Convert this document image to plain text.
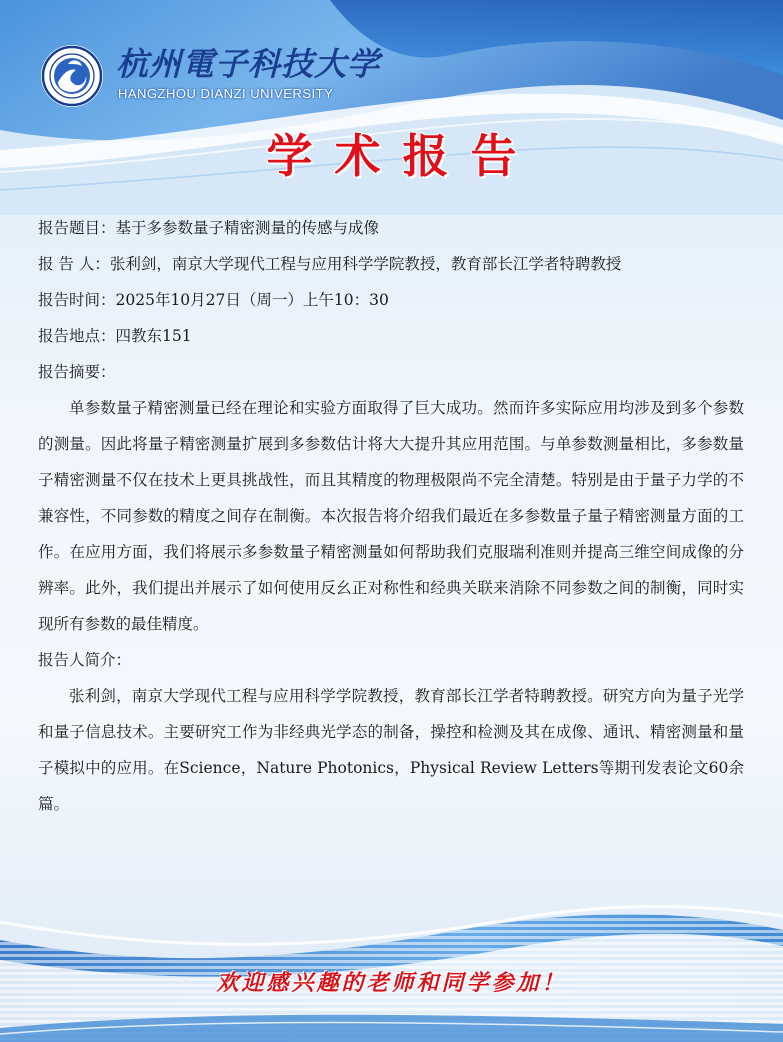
杭州電子科技大学
HANGZHOU DIANZI UNIVERSITY
学术报告
报告题目：基于多参数量子精密测量的传感与成像
报 告 人：张利剑，南京大学现代工程与应用科学学院教授，教育部长江学者特聘教授
报告时间：2025年10月27日（周一）上午10：30
报告地点：四教东151
报告摘要：

单参数量子精密测量已经在理论和实验方面取得了巨大成功。然而许多实际应用均涉及到多个参数的测量。因此将量子精密测量扩展到多参数估计将大大提升其应用范围。与单参数测量相比，多参数量子精密测量不仅在技术上更具挑战性，而且其精度的物理极限尚不完全清楚。特别是由于量子力学的不兼容性，不同参数的精度之间存在制衡。本次报告将介绍我们最近在多参数量子量子精密测量方面的工作。在应用方面，我们将展示多参数量子精密测量如何帮助我们克服瑞利准则并提高三维空间成像的分辨率。此外，我们提出并展示了如何使用反幺正对称性和经典关联来消除不同参数之间的制衡，同时实现所有参数的最佳精度。

报告人简介：

张利剑，南京大学现代工程与应用科学学院教授，教育部长江学者特聘教授。研究方向为量子光学和量子信息技术。主要研究工作为非经典光学态的制备，操控和检测及其在成像、通讯、精密测量和量子模拟中的应用。在Science，Nature Photonics，Physical Review Letters等期刊发表论文60余篇。

欢迎感兴趣的老师和同学参加！
